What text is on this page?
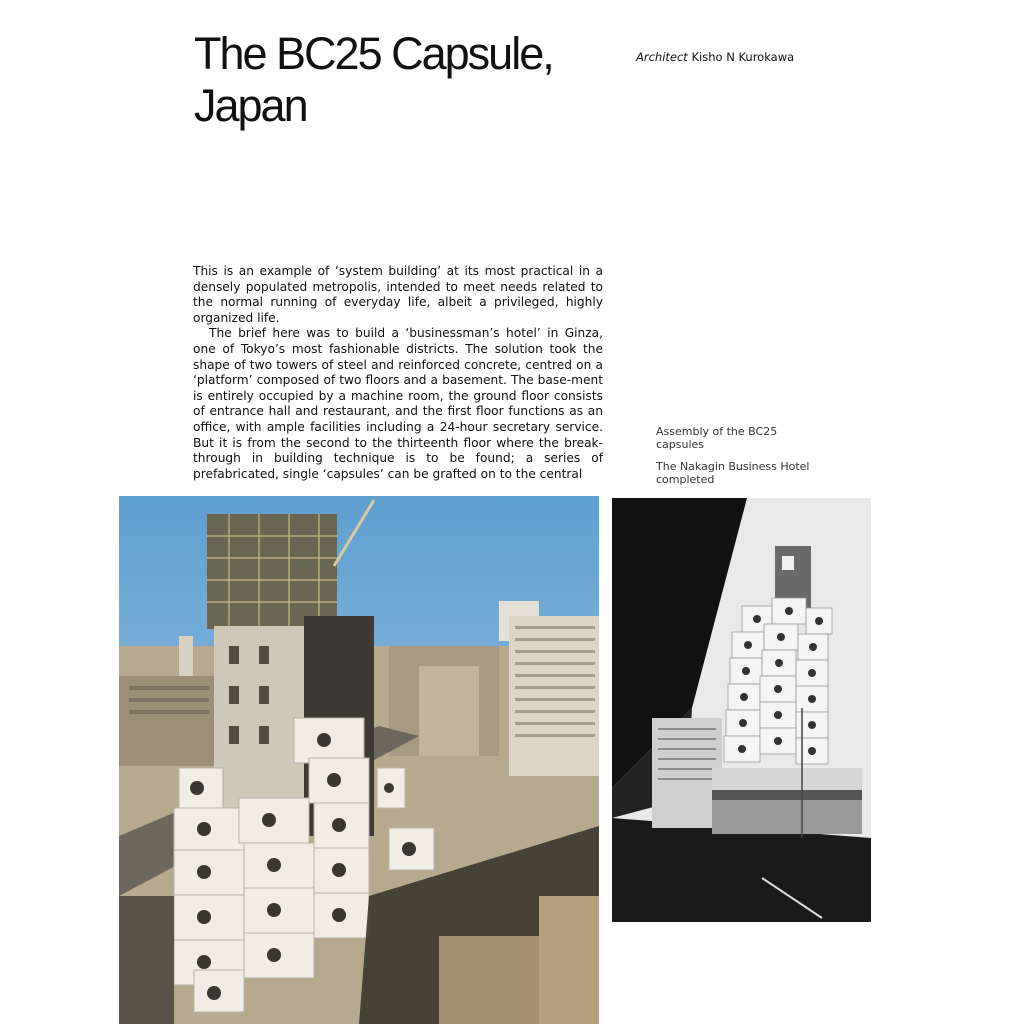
The BC25 Capsule,
Japan
Architect Kisho N Kurokawa

This is an example of ‘system building’ at its most practical in a densely populated metropolis, intended to meet needs related to the normal running of everyday life, albeit a privileged, highly organized life.

The brief here was to build a ‘businessman’s hotel’ in Ginza, one of Tokyo’s most fashionable districts. The solution took the shape of two towers of steel and reinforced concrete, centred on a ‘platform’ composed of two floors and a basement. The base-ment is entirely occupied by a machine room, the ground floor consists of entrance hall and restaurant, and the first floor functions as an office, with ample facilities including a 24-hour secretary service. But it is from the second to the thirteenth floor where the break-through in building technique is to be found; a series of prefabricated, single ‘capsules’ can be grafted on to the central

Assembly of the BC25 capsules
The Nakagin Business Hotel completed
